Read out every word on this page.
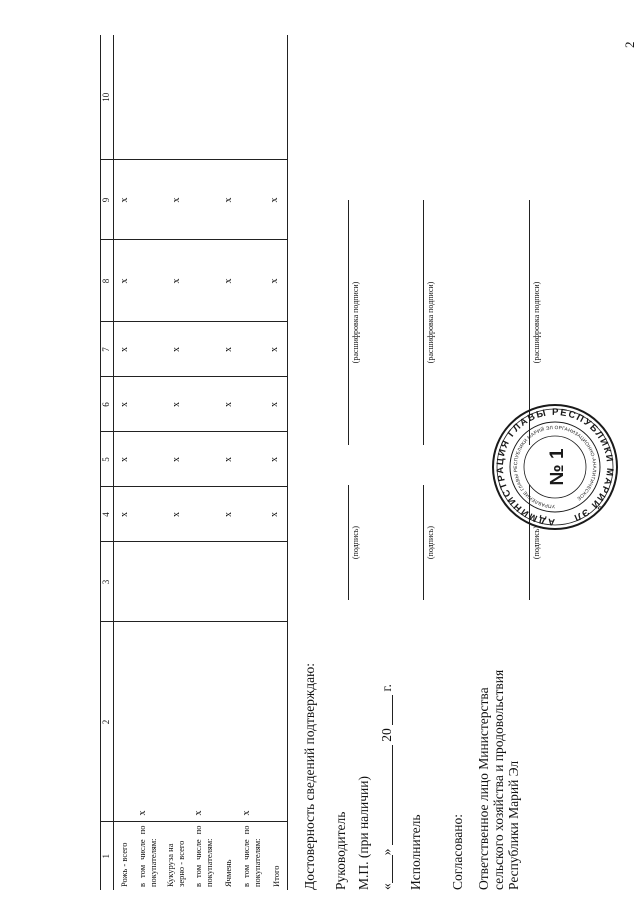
2
1	2	3	4	5	6	7	8	9	10
Рожь - всего			x	x	x	x	x	x	
в том числе по покупателям:	x								
Кукуруза на зерно - всего			x	x	x	x	x	x	
в том числе по покупателям:	x								
Ячмень			x	x	x	x	x	x	
в том числе по покупателям:	x								
Итого			x	x	x	x	x	x	
Достоверность сведений подтверждаю: Руководитель
(подпись)
(расшифровка подписи)
М.П. (при наличии) «»  20  г.
Исполнитель
(подпись)
(расшифровка подписи)
Согласовано: Ответственное лицо Министерства сельского хозяйства и продовольствия Республики Марий Эл
(подпись)
(расшифровка подписи)
АДМИНИСТРАЦИЯ ГЛАВЫ РЕСПУБЛИКИ МАРИЙ ЭЛ
УПРАВЛЕНИЕ ГЛАВЫ РЕСПУБЛИКИ МАРИЙ ЭЛ ОРГАНИЗАЦИОННО-АНАЛИТИЧЕСКОЕ
№ 1
